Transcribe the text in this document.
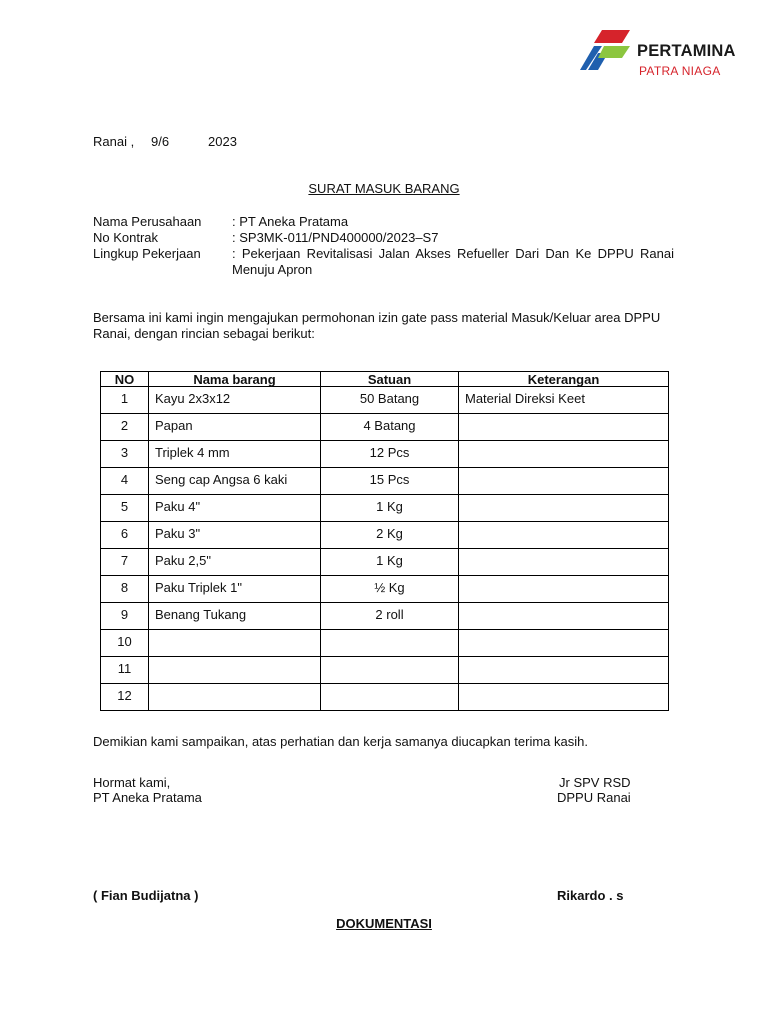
PERTAMINA
PATRA NIAGA
Ranai , 9/6	2023
SURAT MASUK BARANG
Nama Perusahaan : PT Aneka Pratama
No Kontrak	: SP3MK-011/PND400000/2023–S7
Lingkup Pekerjaan : Pekerjaan Revitalisasi Jalan Akses Refueller Dari Dan Ke DPPU Ranai Menuju Apron
Bersama ini kami ingin mengajukan permohonan izin gate pass material Masuk/Keluar area DPPU Ranai, dengan rincian sebagai berikut:
NO	Nama barang	Satuan	Keterangan
1	Kayu 2x3x12	50 Batang	Material Direksi Keet
2	Papan	4 Batang	
3	Triplek 4 mm	12 Pcs	
4	Seng cap Angsa 6 kaki	15 Pcs	
5	Paku 4"	1 Kg	
6	Paku 3"	2 Kg	
7	Paku 2,5"	1 Kg	
8	Paku Triplek 1"	½ Kg	
9	Benang Tukang	2 roll	
10			
11			
12			
Demikian kami sampaikan, atas perhatian dan kerja samanya diucapkan terima kasih.
Hormat kami,
PT Aneka Pratama
Jr SPV RSD
DPPU Ranai
( Fian Budijatna )	Rikardo . s
DOKUMENTASI
